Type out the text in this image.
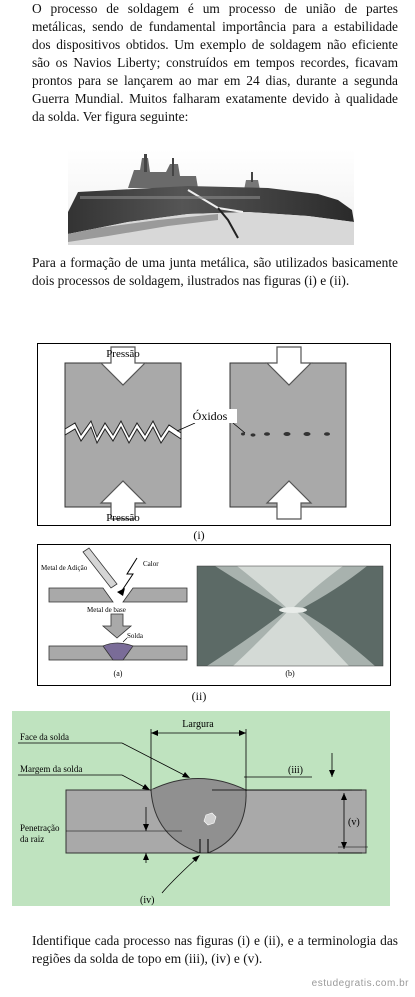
O processo de soldagem é um processo de união de partes metálicas, sendo de fundamental importância para a estabilidade dos dispositivos obtidos. Um exemplo de soldagem não eficiente são os Navios Liberty; construídos em tempos recordes, ficavam prontos para se lançarem ao mar em 24 dias, durante a segunda Guerra Mundial. Muitos falharam exatamente devido à qualidade da solda. Ver figura seguinte:

Para a formação de uma junta metálica, são utilizados basicamente dois processos de soldagem, ilustrados nas figuras (i) e (ii).

Óxidos
Pressão
Pressão
(i)
Metal de Adição	Calor
Metal de base
Solda
(a)	(b)
(ii)
Largura
Face da solda
Margem da solda
Penetração
da raiz
(iii)
(iv)
(v)

Identifique cada processo nas figuras (i) e (ii), e a terminologia das regiões da solda de topo em (iii), (iv) e (v).

estudegratis.com.br
